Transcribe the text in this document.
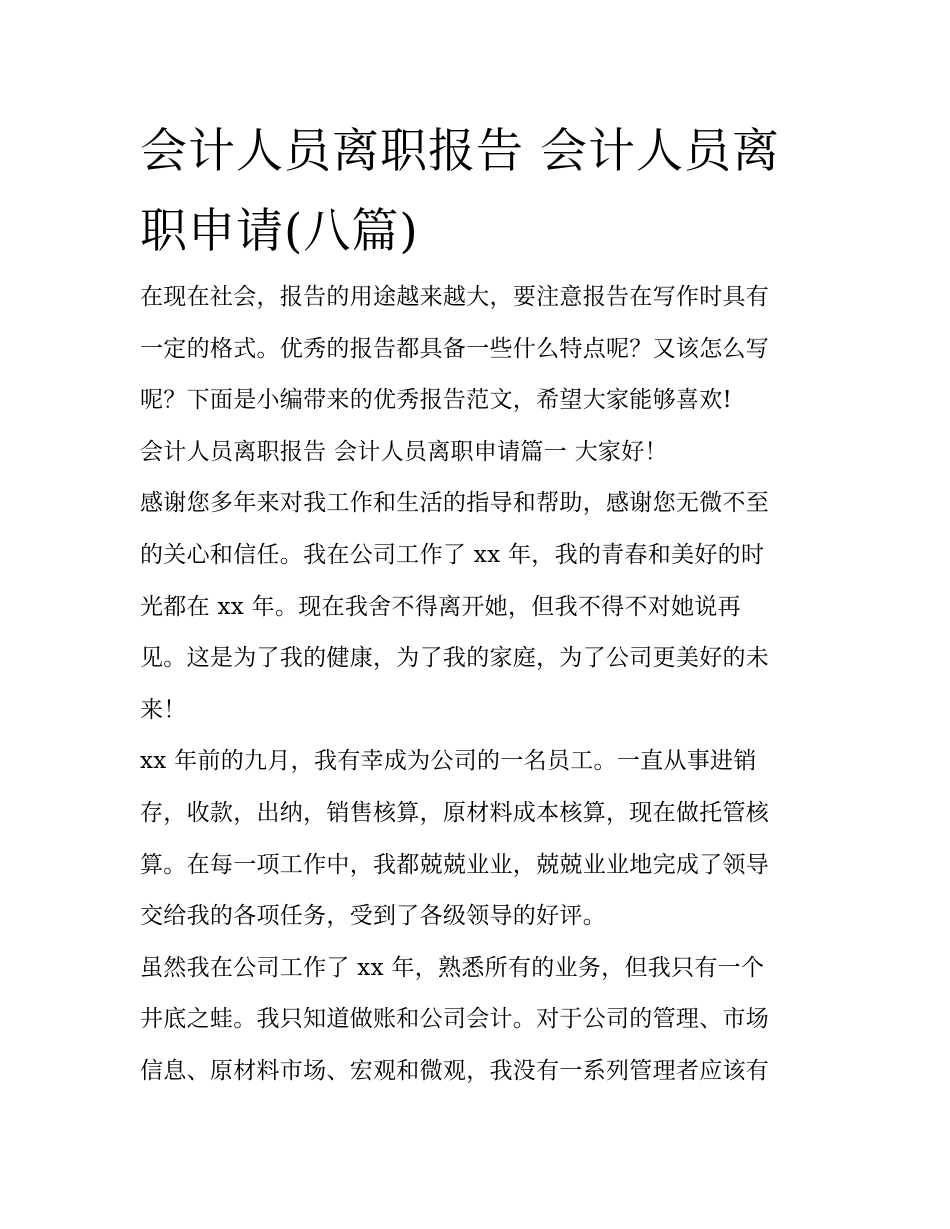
会计人员离职报告 会计人员离
职申请(八篇)
在现在社会，报告的用途越来越大，要注意报告在写作时具有
一定的格式。优秀的报告都具备一些什么特点呢？又该怎么写
呢？下面是小编带来的优秀报告范文，希望大家能够喜欢!
会计人员离职报告 会计人员离职申请篇一 大家好！
感谢您多年来对我工作和生活的指导和帮助，感谢您无微不至
的关心和信任。我在公司工作了 xx 年，我的青春和美好的时
光都在 xx 年。现在我舍不得离开她，但我不得不对她说再
见。这是为了我的健康，为了我的家庭，为了公司更美好的未
来！
xx 年前的九月，我有幸成为公司的一名员工。一直从事进销
存，收款，出纳，销售核算，原材料成本核算，现在做托管核
算。在每一项工作中，我都兢兢业业，兢兢业业地完成了领导
交给我的各项任务，受到了各级领导的好评。
虽然我在公司工作了 xx 年，熟悉所有的业务，但我只有一个
井底之蛙。我只知道做账和公司会计。对于公司的管理、市场
信息、原材料市场、宏观和微观，我没有一系列管理者应该有
